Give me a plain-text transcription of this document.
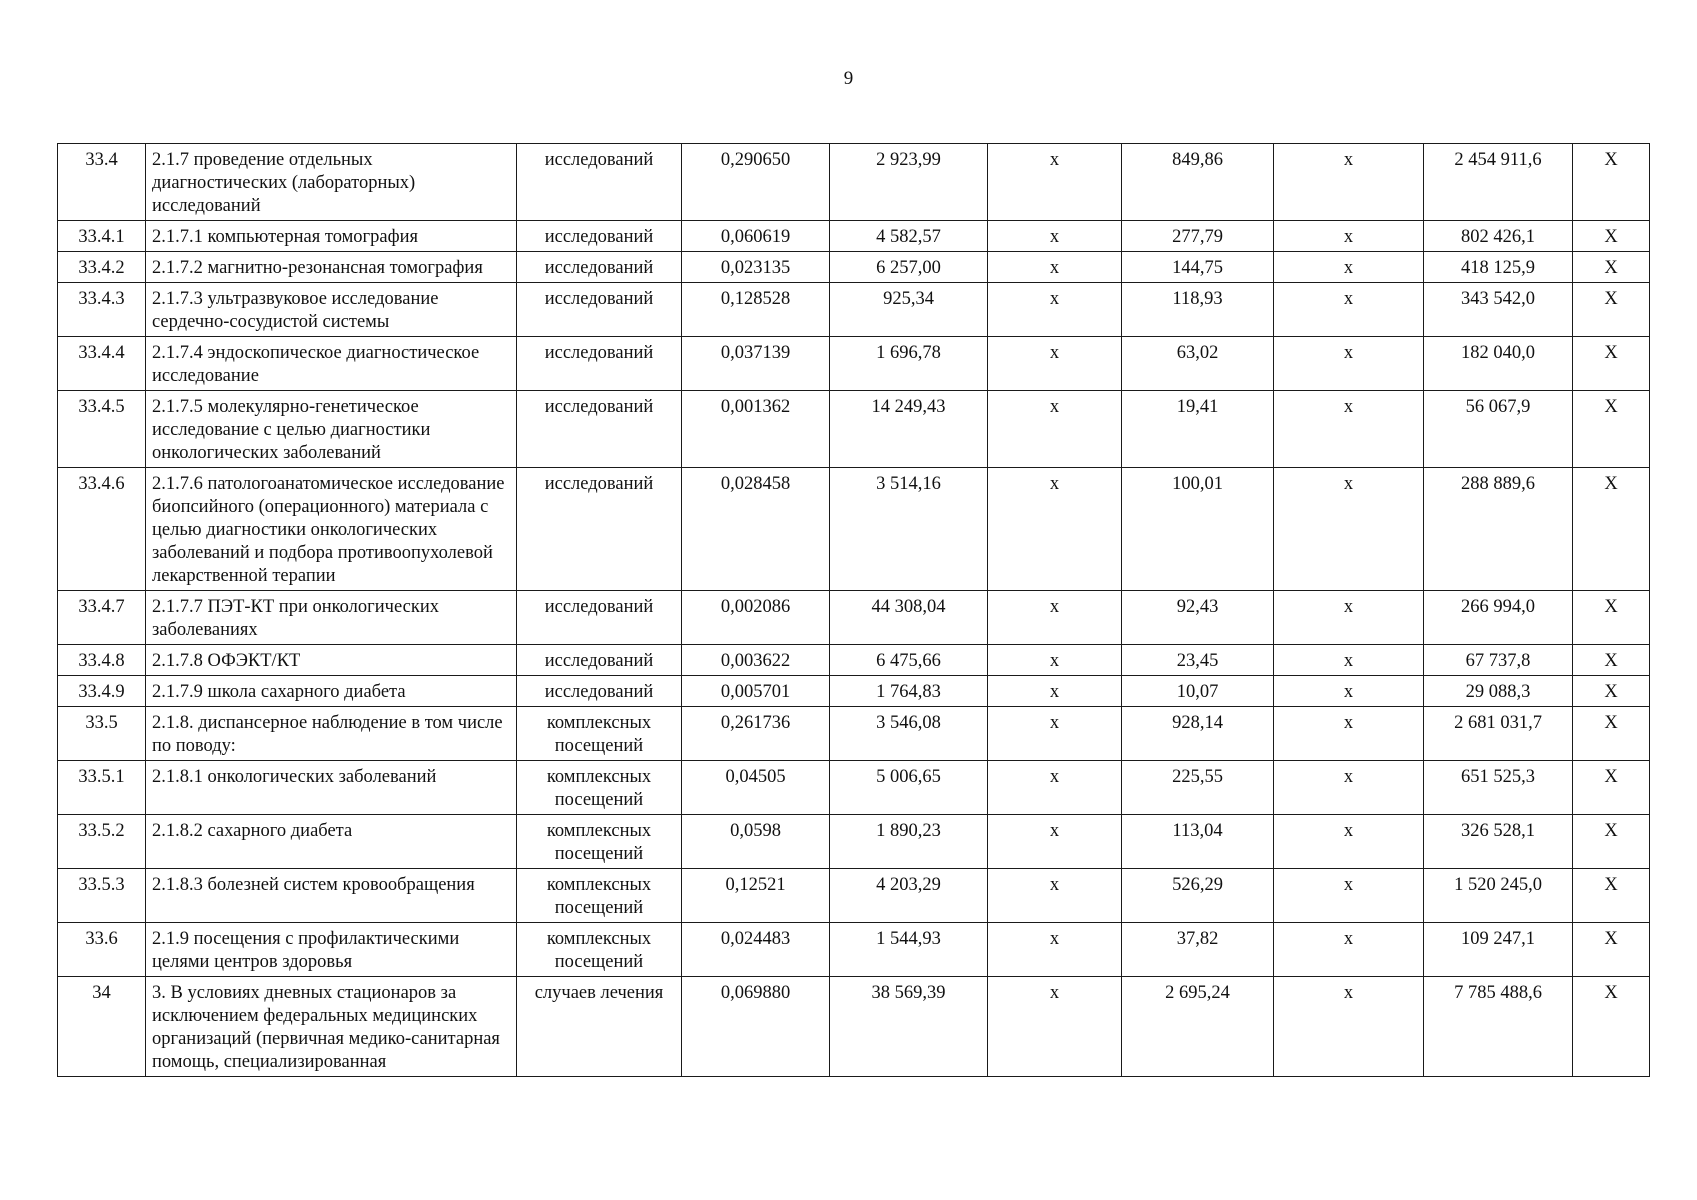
9
33.4	2.1.7 проведение отдельных диагностических (лабораторных) исследований	исследований	0,290650	2 923,99	х	849,86	х	2 454 911,6	Х
33.4.1	2.1.7.1 компьютерная томография	исследований	0,060619	4 582,57	х	277,79	х	802 426,1	Х
33.4.2	2.1.7.2 магнитно-резонансная томография	исследований	0,023135	6 257,00	х	144,75	х	418 125,9	Х
33.4.3	2.1.7.3 ультразвуковое исследование сердечно-сосудистой системы	исследований	0,128528	925,34	х	118,93	х	343 542,0	Х
33.4.4	2.1.7.4 эндоскопическое диагностическое исследование	исследований	0,037139	1 696,78	х	63,02	х	182 040,0	Х
33.4.5	2.1.7.5 молекулярно-генетическое исследование с целью диагностики онкологических заболеваний	исследований	0,001362	14 249,43	х	19,41	х	56 067,9	Х
33.4.6	2.1.7.6 патологоанатомическое исследование биопсийного (операционного) материала с целью диагностики онкологических заболеваний и подбора противоопухолевой лекарственной терапии	исследований	0,028458	3 514,16	х	100,01	х	288 889,6	Х
33.4.7	2.1.7.7 ПЭТ-КТ при онкологических заболеваниях	исследований	0,002086	44 308,04	х	92,43	х	266 994,0	Х
33.4.8	2.1.7.8 ОФЭКТ/КТ	исследований	0,003622	6 475,66	х	23,45	х	67 737,8	Х
33.4.9	2.1.7.9 школа сахарного диабета	исследований	0,005701	1 764,83	х	10,07	х	29 088,3	Х
33.5	2.1.8. диспансерное наблюдение в том числе по поводу:	комплексных посещений	0,261736	3 546,08	х	928,14	х	2 681 031,7	Х
33.5.1	2.1.8.1 онкологических заболеваний	комплексных посещений	0,04505	5 006,65	х	225,55	х	651 525,3	Х
33.5.2	2.1.8.2 сахарного диабета	комплексных посещений	0,0598	1 890,23	х	113,04	х	326 528,1	Х
33.5.3	2.1.8.3 болезней систем кровообращения	комплексных посещений	0,12521	4 203,29	х	526,29	х	1 520 245,0	Х
33.6	2.1.9 посещения с профилактическими целями центров здоровья	комплексных посещений	0,024483	1 544,93	х	37,82	х	109 247,1	Х
34	3. В условиях дневных стационаров за исключением федеральных медицинских организаций (первичная медико-санитарная помощь, специализированная	случаев лечения	0,069880	38 569,39	х	2 695,24	х	7 785 488,6	Х
